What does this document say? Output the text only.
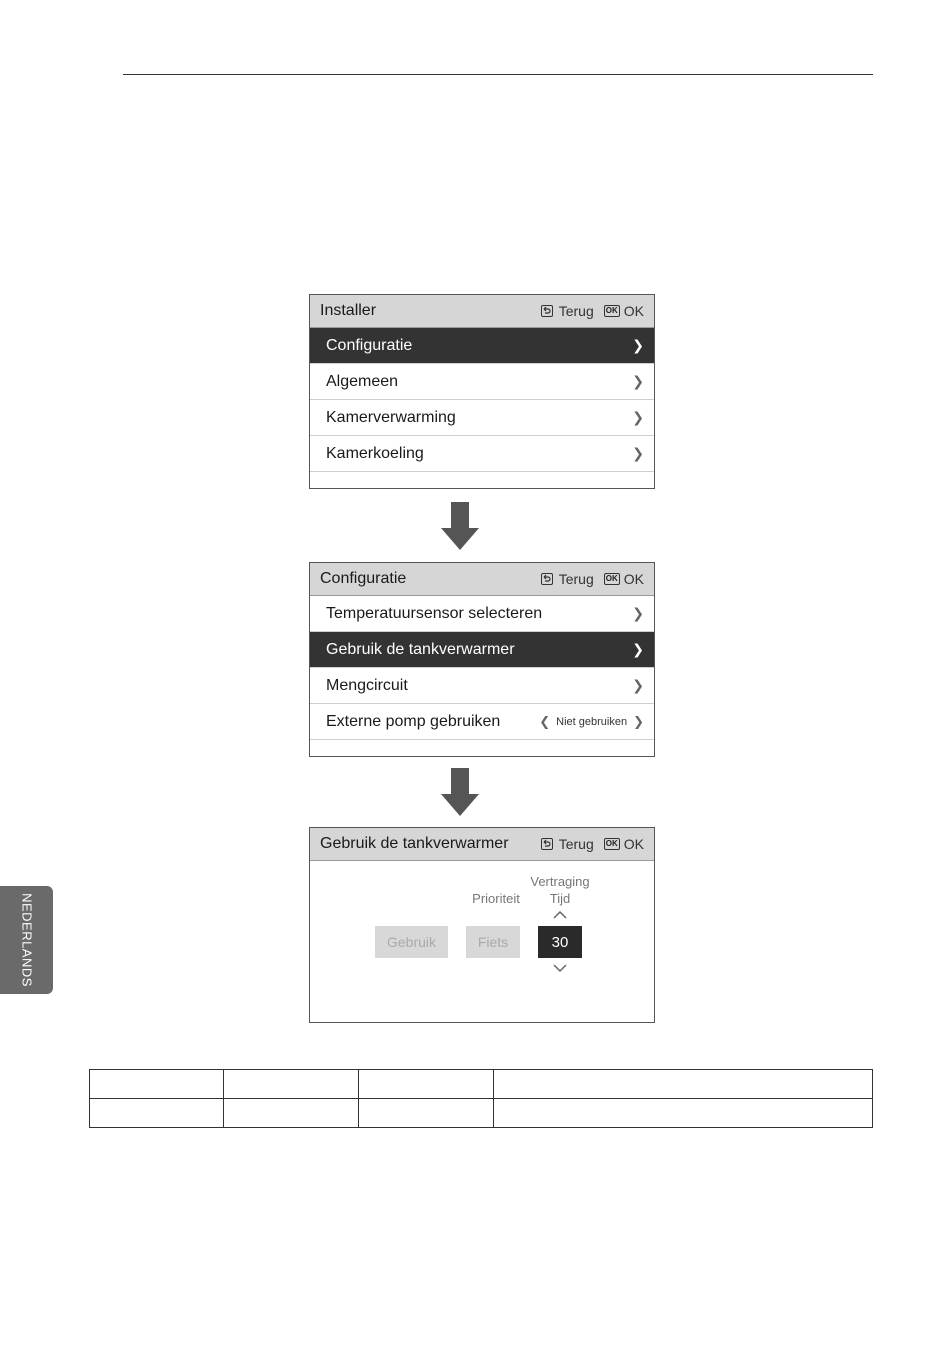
Installer	Terug OK OK
Configuratie	❯
Algemeen	❯
Kamerverwarming	❯
Kamerkoeling	❯
Configuratie	Terug OK OK
Temperatuursensor selecteren	❯
Gebruik de tankverwarmer	❯
Mengcircuit	❯
Externe pomp gebruiken	❮ Niet gebruiken ❯
Gebruik de tankverwarmer	Terug OK OK
Prioriteit
Vertraging
Tijd
Gebruik	Fiets	30
NEDERLANDS
